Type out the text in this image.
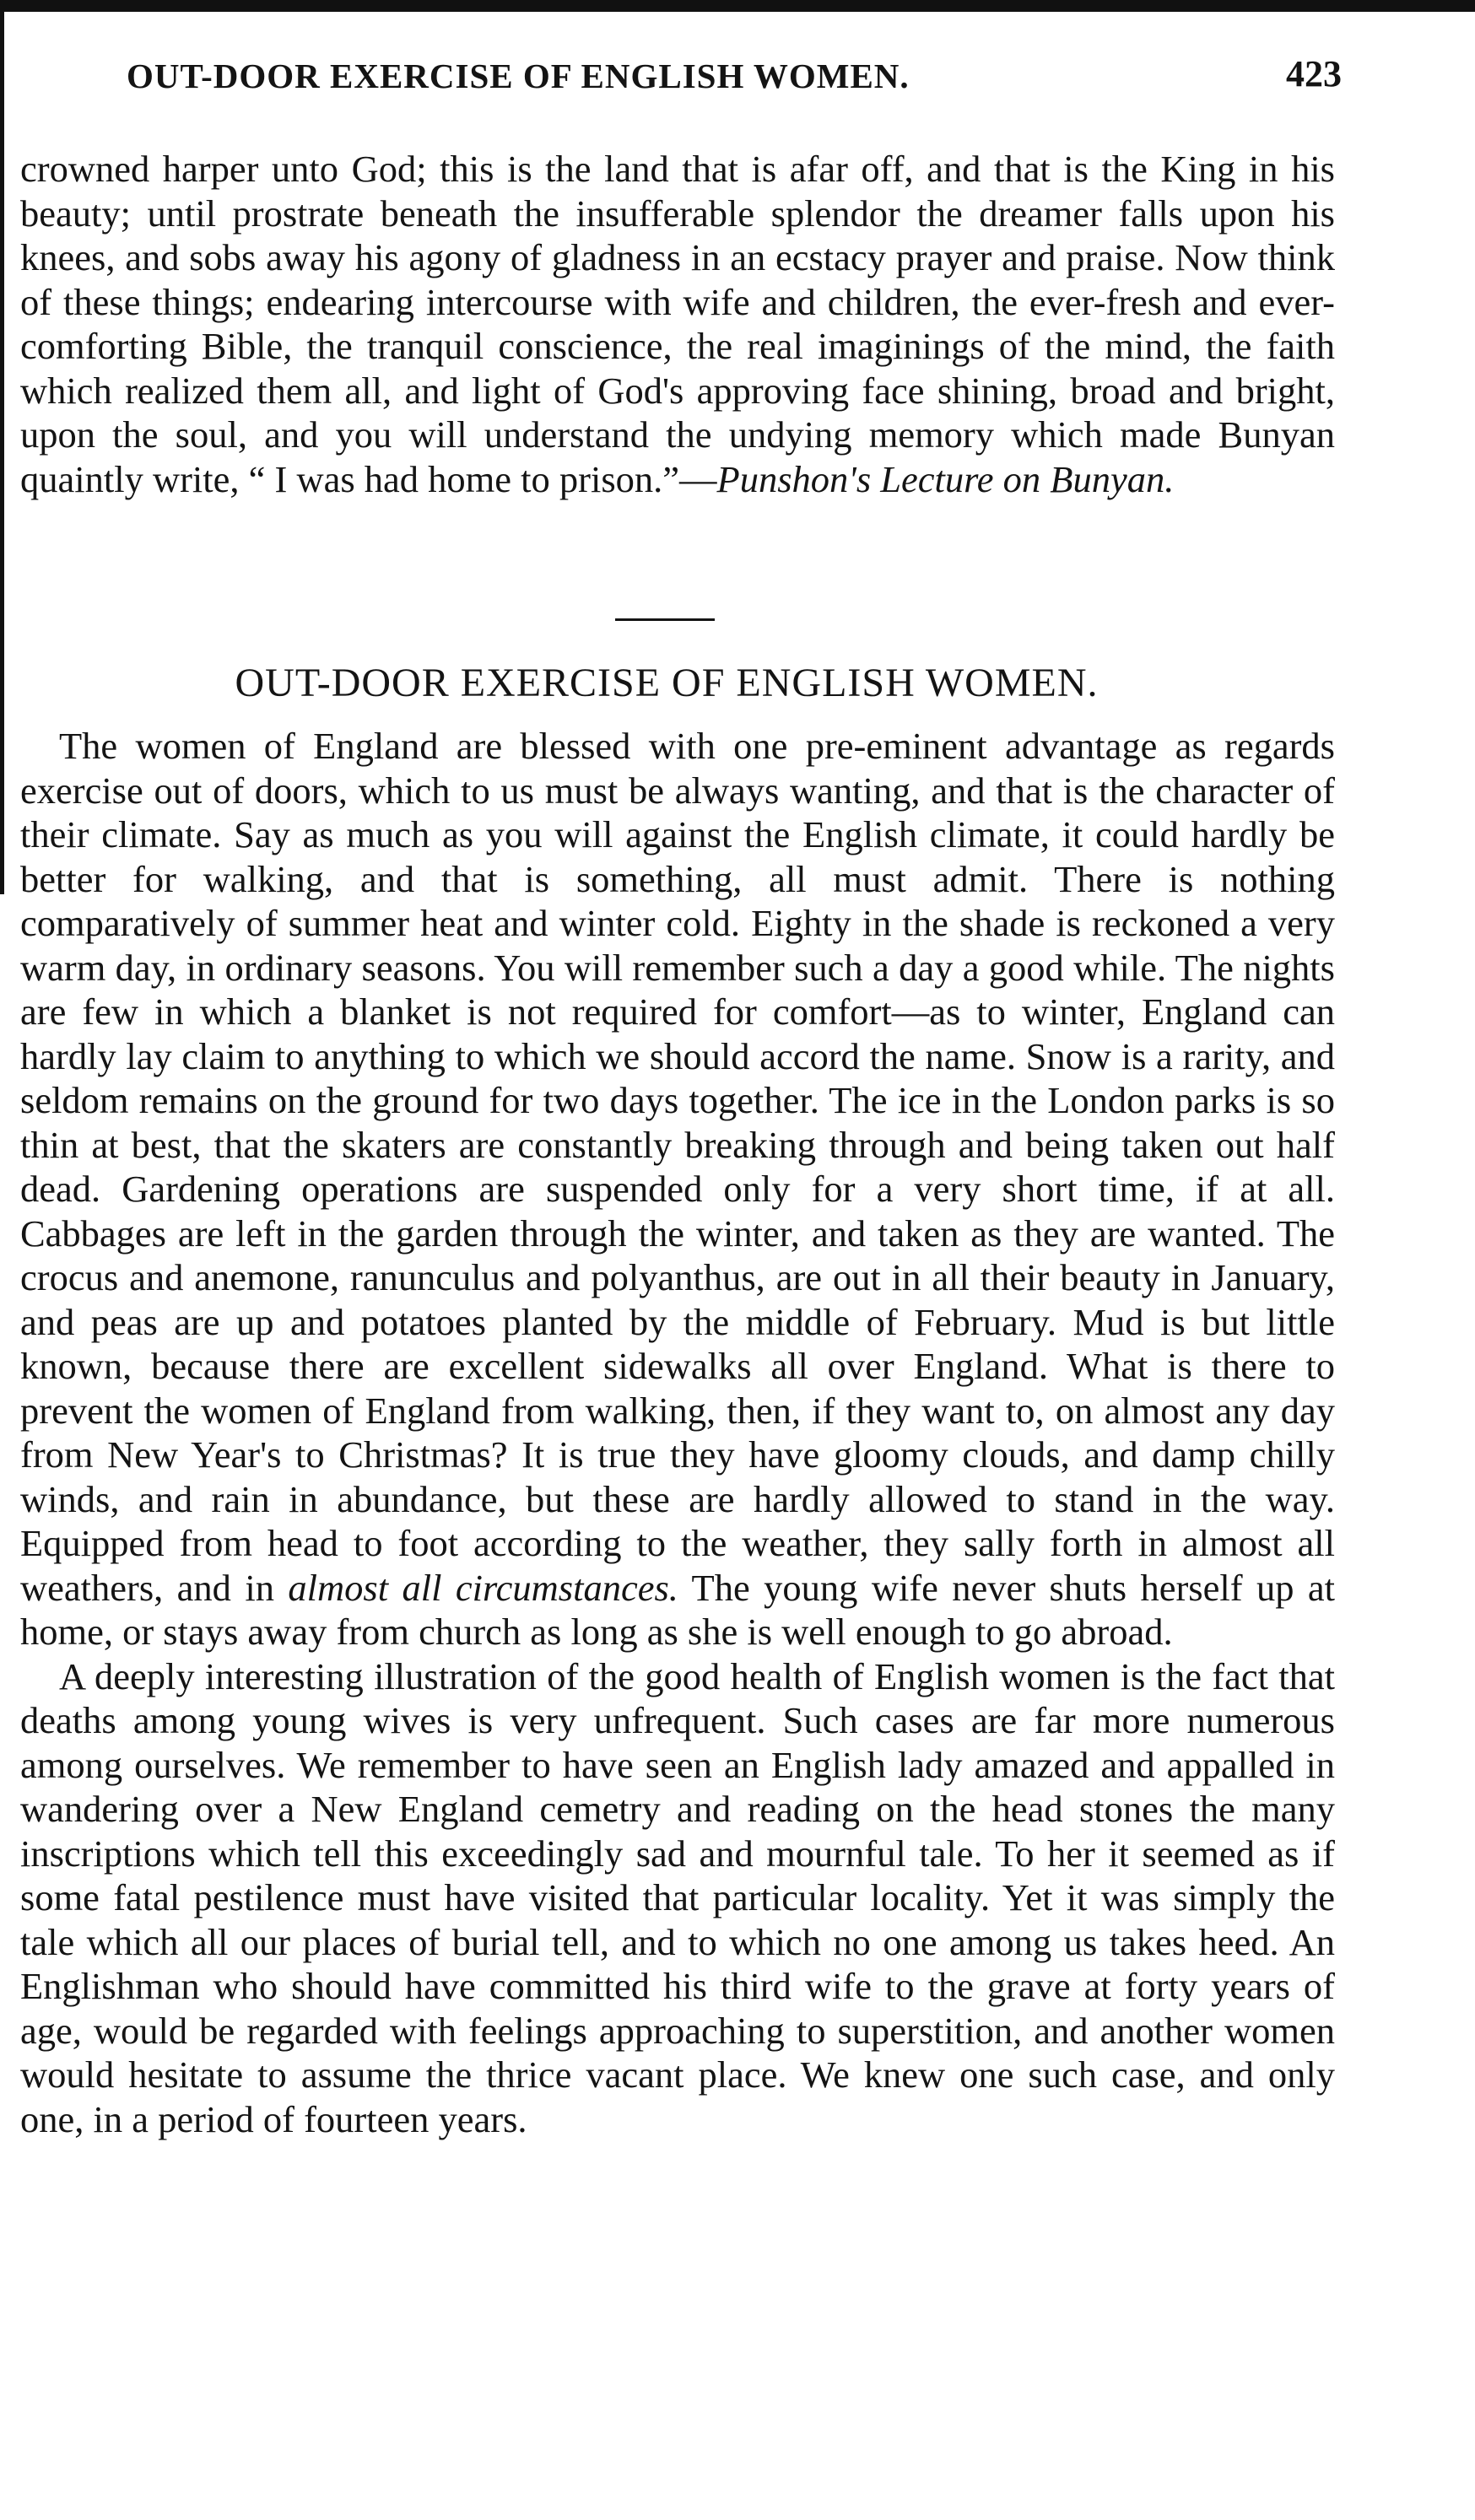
OUT-DOOR EXERCISE OF ENGLISH WOMEN.	423

crowned harper unto God; this is the land that is afar off, and that is the King in his beauty; until prostrate beneath the insufferable splendor the dreamer falls upon his knees, and sobs away his agony of gladness in an ecstacy prayer and praise. Now think of these things; endearing intercourse with wife and children, the ever-fresh and ever-comforting Bible, the tranquil conscience, the real imaginings of the mind, the faith which realized them all, and light of God's approving face shining, broad and bright, upon the soul, and you will understand the undying memory which made Bunyan quaintly write, “ I was had home to prison.”—Punshon's Lecture on Bunyan.

OUT-DOOR EXERCISE OF ENGLISH WOMEN.

The women of England are blessed with one pre-eminent advantage as regards exercise out of doors, which to us must be always wanting, and that is the character of their climate. Say as much as you will against the English climate, it could hardly be better for walking, and that is something, all must admit. There is nothing comparatively of summer heat and winter cold. Eighty in the shade is reckoned a very warm day, in ordinary seasons. You will remember such a day a good while. The nights are few in which a blanket is not required for comfort—as to winter, England can hardly lay claim to anything to which we should accord the name. Snow is a rarity, and seldom remains on the ground for two days together. The ice in the London parks is so thin at best, that the skaters are constantly breaking through and being taken out half dead. Gardening operations are suspended only for a very short time, if at all. Cabbages are left in the garden through the winter, and taken as they are wanted. The crocus and anemone, ranunculus and polyanthus, are out in all their beauty in January, and peas are up and potatoes planted by the middle of February. Mud is but little known, because there are excellent sidewalks all over England. What is there to prevent the women of England from walking, then, if they want to, on almost any day from New Year's to Christmas? It is true they have gloomy clouds, and damp chilly winds, and rain in abundance, but these are hardly allowed to stand in the way. Equipped from head to foot according to the weather, they sally forth in almost all weathers, and in almost all circumstances. The young wife never shuts herself up at home, or stays away from church as long as she is well enough to go abroad.

A deeply interesting illustration of the good health of English women is the fact that deaths among young wives is very unfrequent. Such cases are far more numerous among ourselves. We remember to have seen an English lady amazed and appalled in wandering over a New England cemetry and reading on the head stones the many inscriptions which tell this exceedingly sad and mournful tale. To her it seemed as if some fatal pestilence must have visited that particular locality. Yet it was simply the tale which all our places of burial tell, and to which no one among us takes heed. An Englishman who should have committed his third wife to the grave at forty years of age, would be regarded with feelings approaching to superstition, and another women would hesitate to assume the thrice vacant place. We knew one such case, and only one, in a period of fourteen years.
